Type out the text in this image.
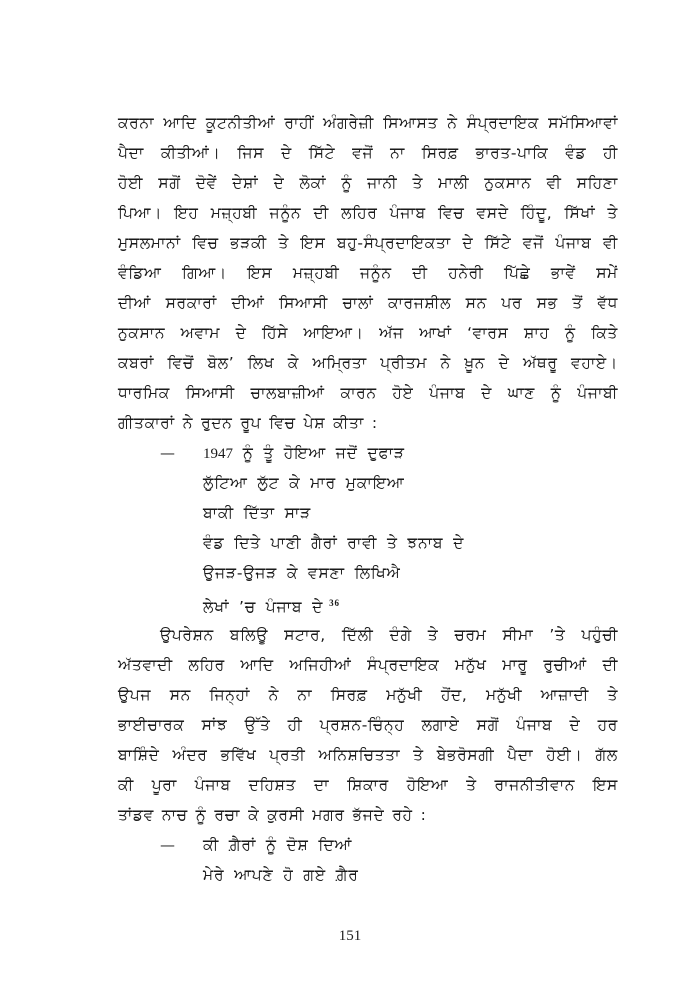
ਕਰਨਾ ਆਦਿ ਕੂਟਨੀਤੀਆਂ ਰਾਹੀਂ ਅੰਗਰੇਜ਼ੀ ਸਿਆਸਤ ਨੇ ਸੰਪ੍ਰਦਾਇਕ ਸਮੱਸਿਆਵਾਂ
ਪੈਦਾ ਕੀਤੀਆਂ। ਜਿਸ ਦੇ ਸਿੱਟੇ ਵਜੋਂ ਨਾ ਸਿਰਫ਼ ਭਾਰਤ-ਪਾਕਿ ਵੰਡ ਹੀ
ਹੋਈ ਸਗੋਂ ਦੋਵੇਂ ਦੇਸ਼ਾਂ ਦੇ ਲੋਕਾਂ ਨੂੰ ਜਾਨੀ ਤੇ ਮਾਲੀ ਨੁਕਸਾਨ ਵੀ ਸਹਿਣਾ
ਪਿਆ। ਇਹ ਮਜ਼੍ਹਬੀ ਜਨੂੰਨ ਦੀ ਲਹਿਰ ਪੰਜਾਬ ਵਿਚ ਵਸਦੇ ਹਿੰਦੂ, ਸਿੱਖਾਂ ਤੇ
ਮੁਸਲਮਾਨਾਂ ਵਿਚ ਭੜਕੀ ਤੇ ਇਸ ਬਹੁ-ਸੰਪ੍ਰਦਾਇਕਤਾ ਦੇ ਸਿੱਟੇ ਵਜੋਂ ਪੰਜਾਬ ਵੀ
ਵੰਡਿਆ ਗਿਆ। ਇਸ ਮਜ਼੍ਹਬੀ ਜਨੂੰਨ ਦੀ ਹਨੇਰੀ ਪਿੱਛੇ ਭਾਵੇਂ ਸਮੇਂ
ਦੀਆਂ ਸਰਕਾਰਾਂ ਦੀਆਂ ਸਿਆਸੀ ਚਾਲਾਂ ਕਾਰਜਸ਼ੀਲ ਸਨ ਪਰ ਸਭ ਤੋਂ ਵੱਧ
ਨੁਕਸਾਨ ਅਵਾਮ ਦੇ ਹਿੱਸੇ ਆਇਆ। ਅੱਜ ਆਖਾਂ ‘ਵਾਰਸ ਸ਼ਾਹ ਨੂੰ ਕਿਤੇ
ਕਬਰਾਂ ਵਿਚੋਂ ਬੋਲ’ ਲਿਖ ਕੇ ਅਮ੍ਰਿਤਾ ਪ੍ਰੀਤਮ ਨੇ ਖ਼ੂਨ ਦੇ ਅੱਥਰੂ ਵਹਾਏ।
ਧਾਰਮਿਕ ਸਿਆਸੀ ਚਾਲਬਾਜ਼ੀਆਂ ਕਾਰਨ ਹੋਏ ਪੰਜਾਬ ਦੇ ਘਾਣ ਨੂੰ ਪੰਜਾਬੀ
ਗੀਤਕਾਰਾਂ ਨੇ ਰੁਦਨ ਰੂਪ ਵਿਚ ਪੇਸ਼ ਕੀਤਾ :
— 1947 ਨੂੰ ਤੂੰ ਹੋਇਆ ਜਦੋਂ ਦੁਫਾੜ
ਲੁੱਟਿਆ ਲੁੱਟ ਕੇ ਮਾਰ ਮੁਕਾਇਆ
ਬਾਕੀ ਦਿੱਤਾ ਸਾੜ
ਵੰਡ ਦਿਤੇ ਪਾਣੀ ਗੈਰਾਂ ਰਾਵੀ ਤੇ ਝਨਾਬ ਦੇ
ਉਜੜ-ਉਜੜ ਕੇ ਵਸਣਾ ਲਿਖਿਐ
ਲੇਖਾਂ ’ਚ ਪੰਜਾਬ ਦੇ $^{36}$
ਉਪਰੇਸ਼ਨ ਬਲਿਊ ਸਟਾਰ, ਦਿੱਲੀ ਦੰਗੇ ਤੇ ਚਰਮ ਸੀਮਾ ’ਤੇ ਪਹੁੰਚੀ
ਅੱਤਵਾਦੀ ਲਹਿਰ ਆਦਿ ਅਜਿਹੀਆਂ ਸੰਪ੍ਰਦਾਇਕ ਮਨੁੱਖ ਮਾਰੂ ਰੁਚੀਆਂ ਦੀ
ਉਪਜ ਸਨ ਜਿਨ੍ਹਾਂ ਨੇ ਨਾ ਸਿਰਫ਼ ਮਨੁੱਖੀ ਹੋਂਦ, ਮਨੁੱਖੀ ਆਜ਼ਾਦੀ ਤੇ
ਭਾਈਚਾਰਕ ਸਾਂਝ ਉੱਤੇ ਹੀ ਪ੍ਰਸ਼ਨ-ਚਿੰਨ੍ਹ ਲਗਾਏ ਸਗੋਂ ਪੰਜਾਬ ਦੇ ਹਰ
ਬਾਸ਼ਿੰਦੇ ਅੰਦਰ ਭਵਿੱਖ ਪ੍ਰਤੀ ਅਨਿਸ਼ਚਿਤਤਾ ਤੇ ਬੇਭਰੋਸਗੀ ਪੈਦਾ ਹੋਈ। ਗੱਲ
ਕੀ ਪੂਰਾ ਪੰਜਾਬ ਦਹਿਸ਼ਤ ਦਾ ਸ਼ਿਕਾਰ ਹੋਇਆ ਤੇ ਰਾਜਨੀਤੀਵਾਨ ਇਸ
ਤਾਂਡਵ ਨਾਚ ਨੂੰ ਰਚਾ ਕੇ ਕੁਰਸੀ ਮਗਰ ਭੱਜਦੇ ਰਹੇ :
— ਕੀ ਗ਼ੈਰਾਂ ਨੂੰ ਦੋਸ਼ ਦਿਆਂ
ਮੇਰੇ ਆਪਣੇ ਹੋ ਗਏ ਗ਼ੈਰ
151
